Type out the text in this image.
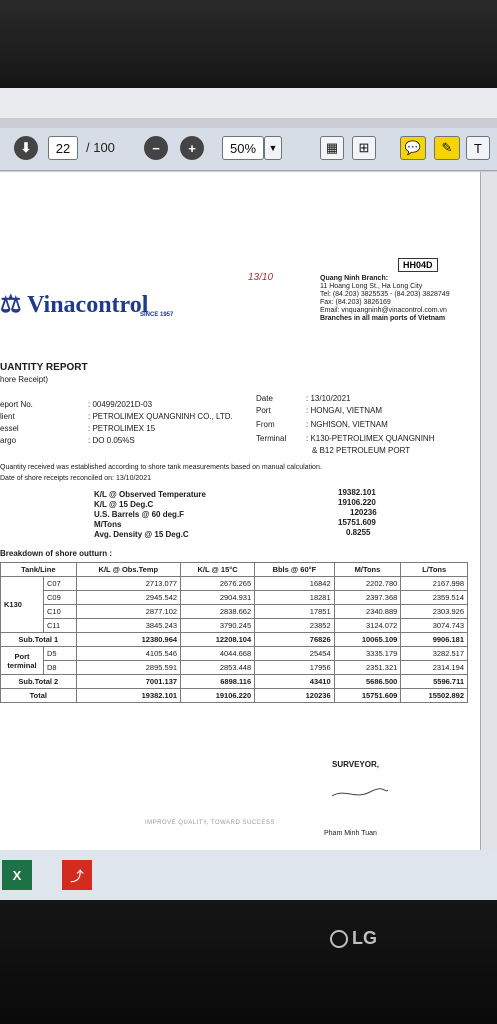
⬇	22	/ 100	−	+	50%	▼	▦	⊞	💬	✎	T
13/10
HH04D
⚖ Vinacontrol
SINCE 1957
Quang Ninh Branch:
11 Hoang Long St., Ha Long City
Tel: (84.203) 3825535 - (84.203) 3828749
Fax: (84.203) 3826169
Email: vnquangninh@vinacontrol.com.vn
Branches in all main ports of Vietnam
UANTITY REPORT
hore Receipt)
eport No.	: 00499/2021D-03
lient	: PETROLIMEX QUANGNINH CO., LTD.
essel	: PETROLIMEX 15
argo	: DO 0.05%S
Date	: 13/10/2021
Port	: HONGAI, VIETNAM
From	: NGHISON, VIETNAM
Terminal : K130-PETROLIMEX QUANGNINH
& B12 PETROLEUM PORT
Quantity received was established according to shore tank measurements based on manual calculation.
Date of shore receipts reconciled on: 13/10/2021
K/L @ Observed Temperature	19382.101
K/L @ 15 Deg.C	19106.220
U.S. Barrels @ 60 deg.F	120236
M/Tons	15751.609
Avg. Density @ 15 Deg.C	0.8255
Breakdown of shore outturn :
Tank/Line		K/L @ Obs.Temp	K/L @ 15°C	Bbls @ 60°F	M/Tons	L/Tons
K130	C07	2713.077	2676.265	16842	2202.780	2167.998
	C09	2945.542	2904.931	18281	2397.368	2359.514
	C10	2877.102	2838.662	17851	2340.889	2303.926
	C11	3845.243	3790.245	23852	3124.072	3074.743
Sub.Total 1		12380.964	12208.104	76826	10065.109	9906.181
Port terminal	D5	4105.546	4044.668	25454	3335.179	3282.517
	D8	2895.591	2853.448	17956	2351.321	2314.194
Sub.Total 2		7001.137	6898.116	43410	5686.500	5596.711
Total		19382.101	19106.220	120236	15751.609	15502.892
SURVEYOR,
Pham Minh Tuan
IMPROVE QUALITY, TOWARD SUCCESS
X	⤴
LG
